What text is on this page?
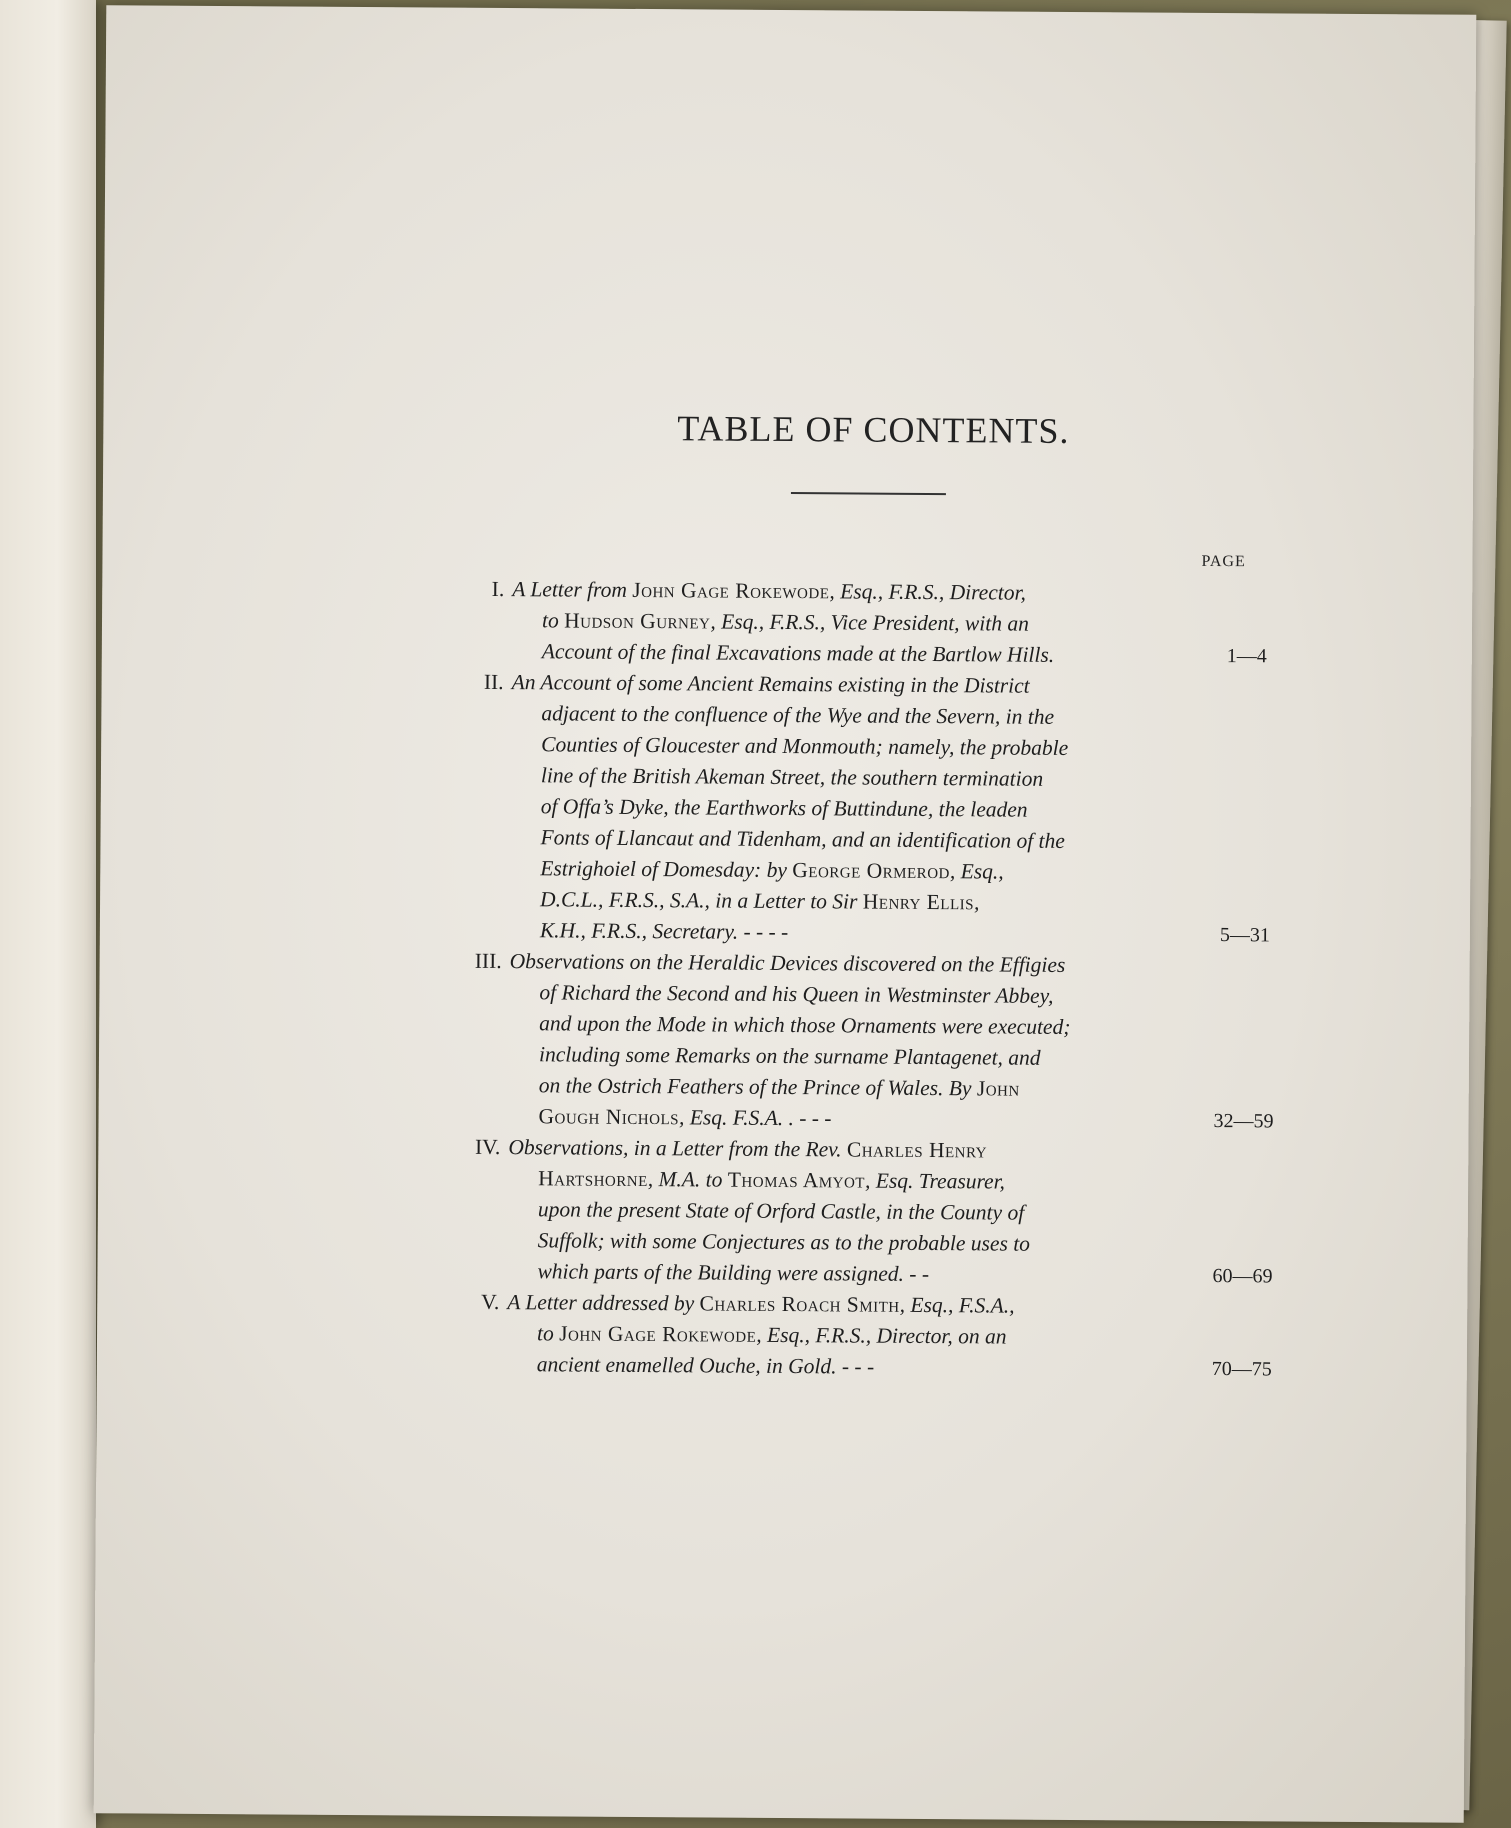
TABLE OF CONTENTS.
PAGE
I. A Letter from John Gage Rokewode, Esq., F.R.S., Director,
to Hudson Gurney, Esq., F.R.S., Vice President, with an
Account of the final Excavations made at the Bartlow Hills.	1—4
II. An Account of some Ancient Remains existing in the District
adjacent to the confluence of the Wye and the Severn, in the
Counties of Gloucester and Monmouth; namely, the probable
line of the British Akeman Street, the southern termination
of Offa’s Dyke, the Earthworks of Buttindune, the leaden
Fonts of Llancaut and Tidenham, and an identification of the
Estrighoiel of Domesday: by George Ormerod, Esq.,
D.C.L., F.R.S., S.A., in a Letter to Sir Henry Ellis,
K.H., F.R.S., Secretary. - - - -	5—31
III. Observations on the Heraldic Devices discovered on the Effigies
of Richard the Second and his Queen in Westminster Abbey,
and upon the Mode in which those Ornaments were executed;
including some Remarks on the surname Plantagenet, and
on the Ostrich Feathers of the Prince of Wales. By John
Gough Nichols, Esq. F.S.A. . - - -	32—59
IV. Observations, in a Letter from the Rev. Charles Henry
Hartshorne, M.A. to Thomas Amyot, Esq. Treasurer,
upon the present State of Orford Castle, in the County of
Suffolk; with some Conjectures as to the probable uses to
which parts of the Building were assigned. - -	60—69
V. A Letter addressed by Charles Roach Smith, Esq., F.S.A.,
to John Gage Rokewode, Esq., F.R.S., Director, on an
ancient enamelled Ouche, in Gold. - - -	70—75
